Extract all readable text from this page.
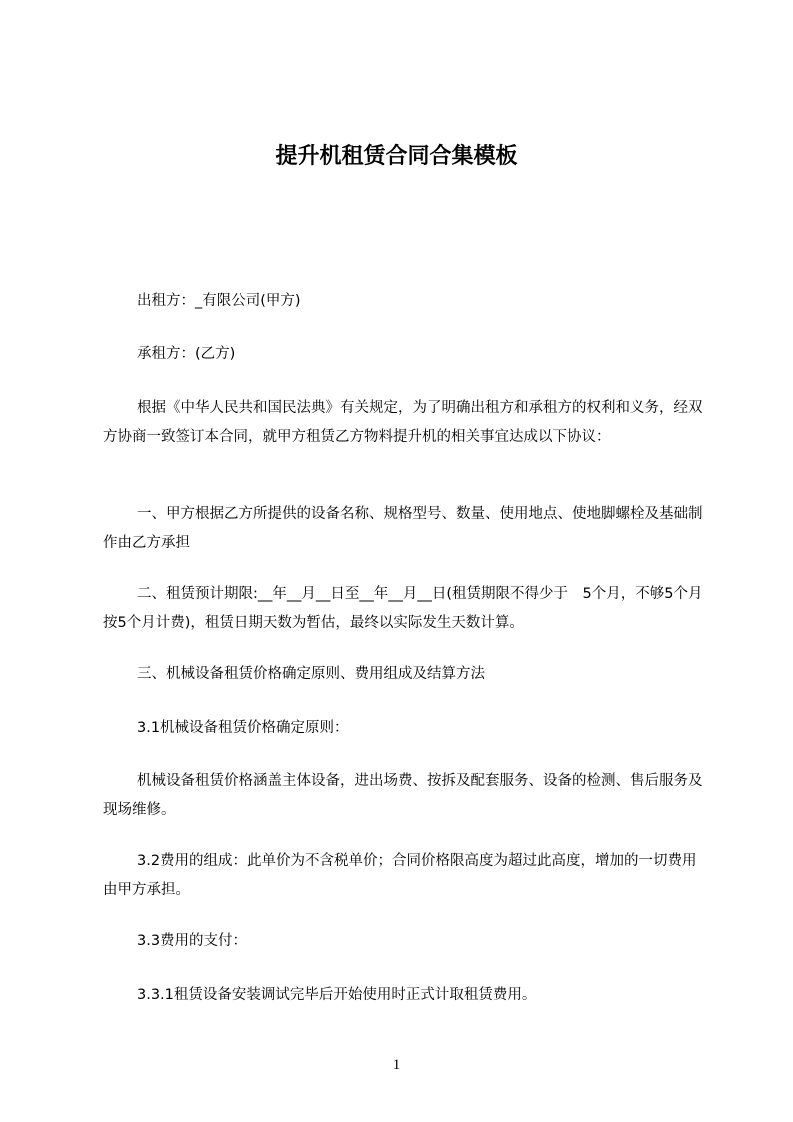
提升机租赁合同合集模板

出租方：_有限公司(甲方)

承租方：(乙方)

根据《中华人民共和国民法典》有关规定，为了明确出租方和承租方的权利和义务，经双方协商一致签订本合同，就甲方租赁乙方物料提升机的相关事宜达成以下协议：

一、甲方根据乙方所提供的设备名称、规格型号、数量、使用地点、使地脚螺栓及基础制作由乙方承担

二、租赁预计期限:__年__月__日至__年__月__日(租赁期限不得少于　5个月，不够5个月按5个月计费)，租赁日期天数为暂估，最终以实际发生天数计算。

三、机械设备租赁价格确定原则、费用组成及结算方法

3.1机械设备租赁价格确定原则：

机械设备租赁价格涵盖主体设备，进出场费、按拆及配套服务、设备的检测、售后服务及现场维修。

3.2费用的组成：此单价为不含税单价；合同价格限高度为超过此高度，增加的一切费用由甲方承担。

3.3费用的支付：

3.3.1租赁设备安装调试完毕后开始使用时正式计取租赁费用。

1
